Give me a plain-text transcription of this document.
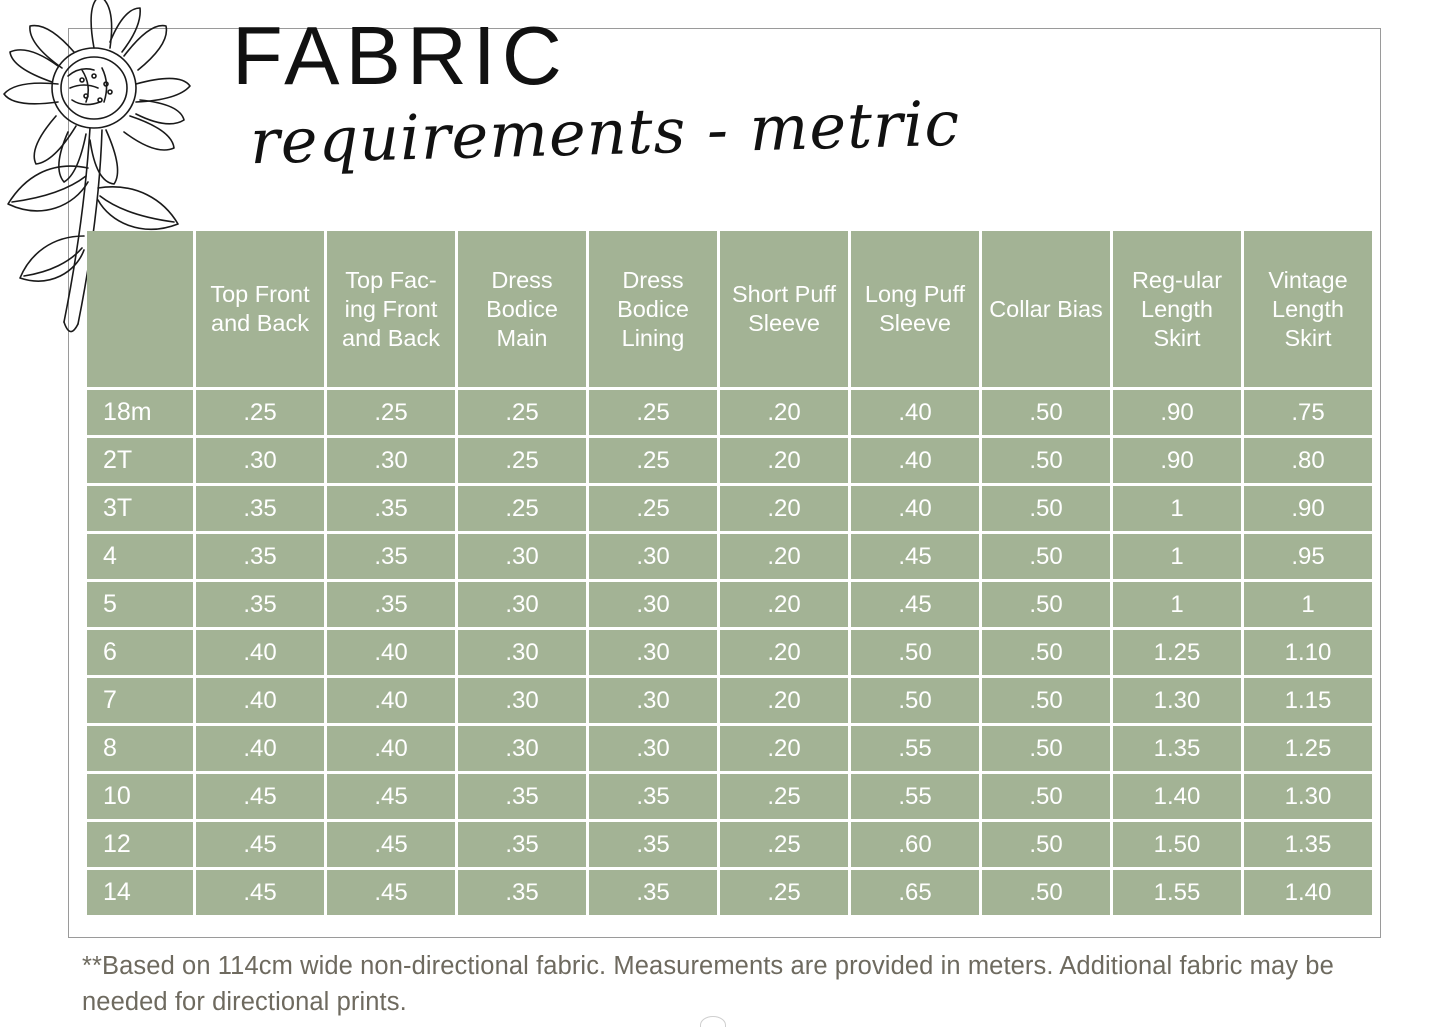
FABRIC
requirements - metric
	Top Front and Back	Top Fac-ing Front and Back	Dress Bodice Main	Dress Bodice Lining	Short Puff Sleeve	Long Puff Sleeve	Collar Bias	Reg-ular Length Skirt	Vintage Length Skirt
18m	.25	.25	.25	.25	.20	.40	.50	.90	.75
2T	.30	.30	.25	.25	.20	.40	.50	.90	.80
3T	.35	.35	.25	.25	.20	.40	.50	1	.90
4	.35	.35	.30	.30	.20	.45	.50	1	.95
5	.35	.35	.30	.30	.20	.45	.50	1	1
6	.40	.40	.30	.30	.20	.50	.50	1.25	1.10
7	.40	.40	.30	.30	.20	.50	.50	1.30	1.15
8	.40	.40	.30	.30	.20	.55	.50	1.35	1.25
10	.45	.45	.35	.35	.25	.55	.50	1.40	1.30
12	.45	.45	.35	.35	.25	.60	.50	1.50	1.35
14	.45	.45	.35	.35	.25	.65	.50	1.55	1.40
**Based on 114cm wide non-directional fabric. Measurements are provided in meters. Additional fabric may be needed for directional prints.
